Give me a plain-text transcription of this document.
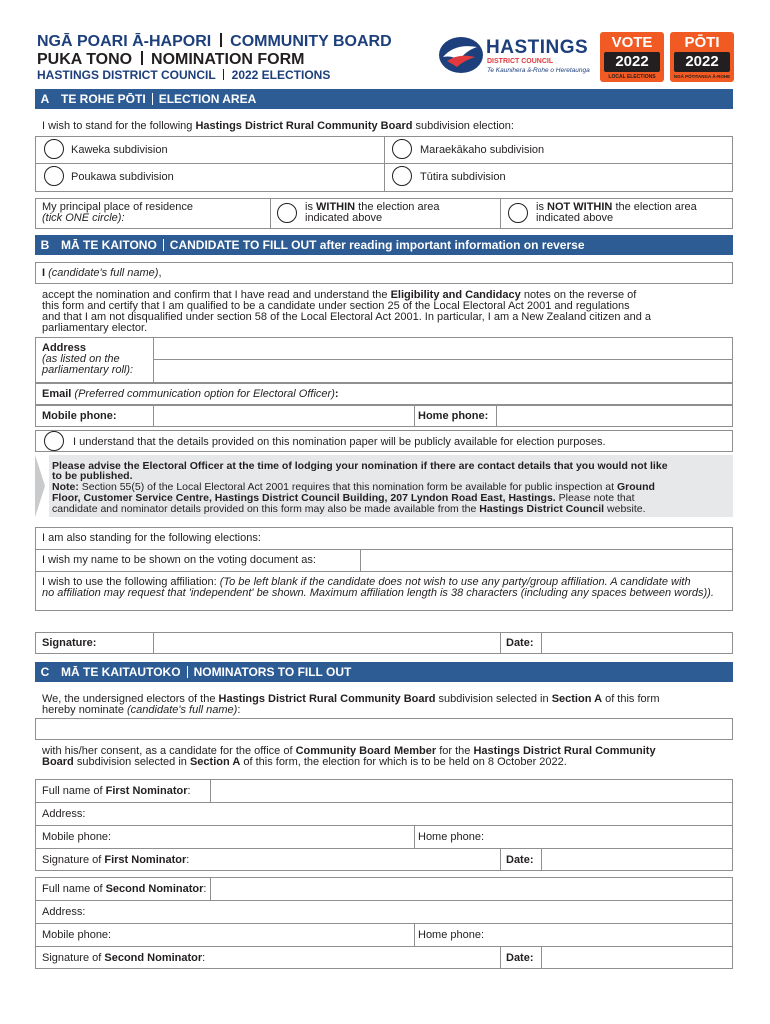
NGĀ POARI Ā-HAPORI COMMUNITY BOARD
PUKA TONO NOMINATION FORM
HASTINGS DISTRICT COUNCIL 2022 ELECTIONS
HASTINGS
DISTRICT COUNCIL
Te Kaunihera ā-Rohe o Heretaunga
VOTE
2022
LOCAL ELECTIONS
PŌTI
2022
NGĀ PŌTITANGA Ā-ROHE
A TE ROHE PŌTI ELECTION AREA
I wish to stand for the following Hastings District Rural Community Board subdivision election:
Kaweka subdivision	Maraekākaho subdivision
Poukawa subdivision	Tūtira subdivision
My principal place of residence
(tick ONE circle):
is WITHIN the election area
indicated above
is NOT WITHIN the election area
indicated above
B MĀ TE KAITONO CANDIDATE TO FILL OUT after reading important information on reverse
I (candidate's full name),
accept the nomination and confirm that I have read and understand the Eligibility and Candidacy notes on the reverse of
this form and certify that I am qualified to be a candidate under section 25 of the Local Electoral Act 2001 and regulations
and that I am not disqualified under section 58 of the Local Electoral Act 2001. In particular, I am a New Zealand citizen and a
parliamentary elector.
Address
(as listed on the
parliamentary roll):
Email (Preferred communication option for Electoral Officer):
Mobile phone:	Home phone:
I understand that the details provided on this nomination paper will be publicly available for election purposes.
Please advise the Electoral Officer at the time of lodging your nomination if there are contact details that you would not like
to be published.
Note: Section 55(5) of the Local Electoral Act 2001 requires that this nomination form be available for public inspection at Ground
Floor, Customer Service Centre, Hastings District Council Building, 207 Lyndon Road East, Hastings. Please note that
candidate and nominator details provided on this form may also be made available from the Hastings District Council website.
I am also standing for the following elections:
I wish my name to be shown on the voting document as:
I wish to use the following affiliation: (To be left blank if the candidate does not wish to use any party/group affiliation. A candidate with
no affiliation may request that 'independent' be shown. Maximum affiliation length is 38 characters (including any spaces between words)).
Signature:	Date:
C MĀ TE KAITAUTOKO NOMINATORS TO FILL OUT
We, the undersigned electors of the Hastings District Rural Community Board subdivision selected in Section A of this form
hereby nominate (candidate's full name):
with his/her consent, as a candidate for the office of Community Board Member for the Hastings District Rural Community
Board subdivision selected in Section A of this form, the election for which is to be held on 8 October 2022.
Full name of First Nominator:
Address:
Mobile phone:	Home phone:
Signature of First Nominator:	Date:
Full name of Second Nominator:
Address:
Mobile phone:	Home phone:
Signature of Second Nominator:	Date:
